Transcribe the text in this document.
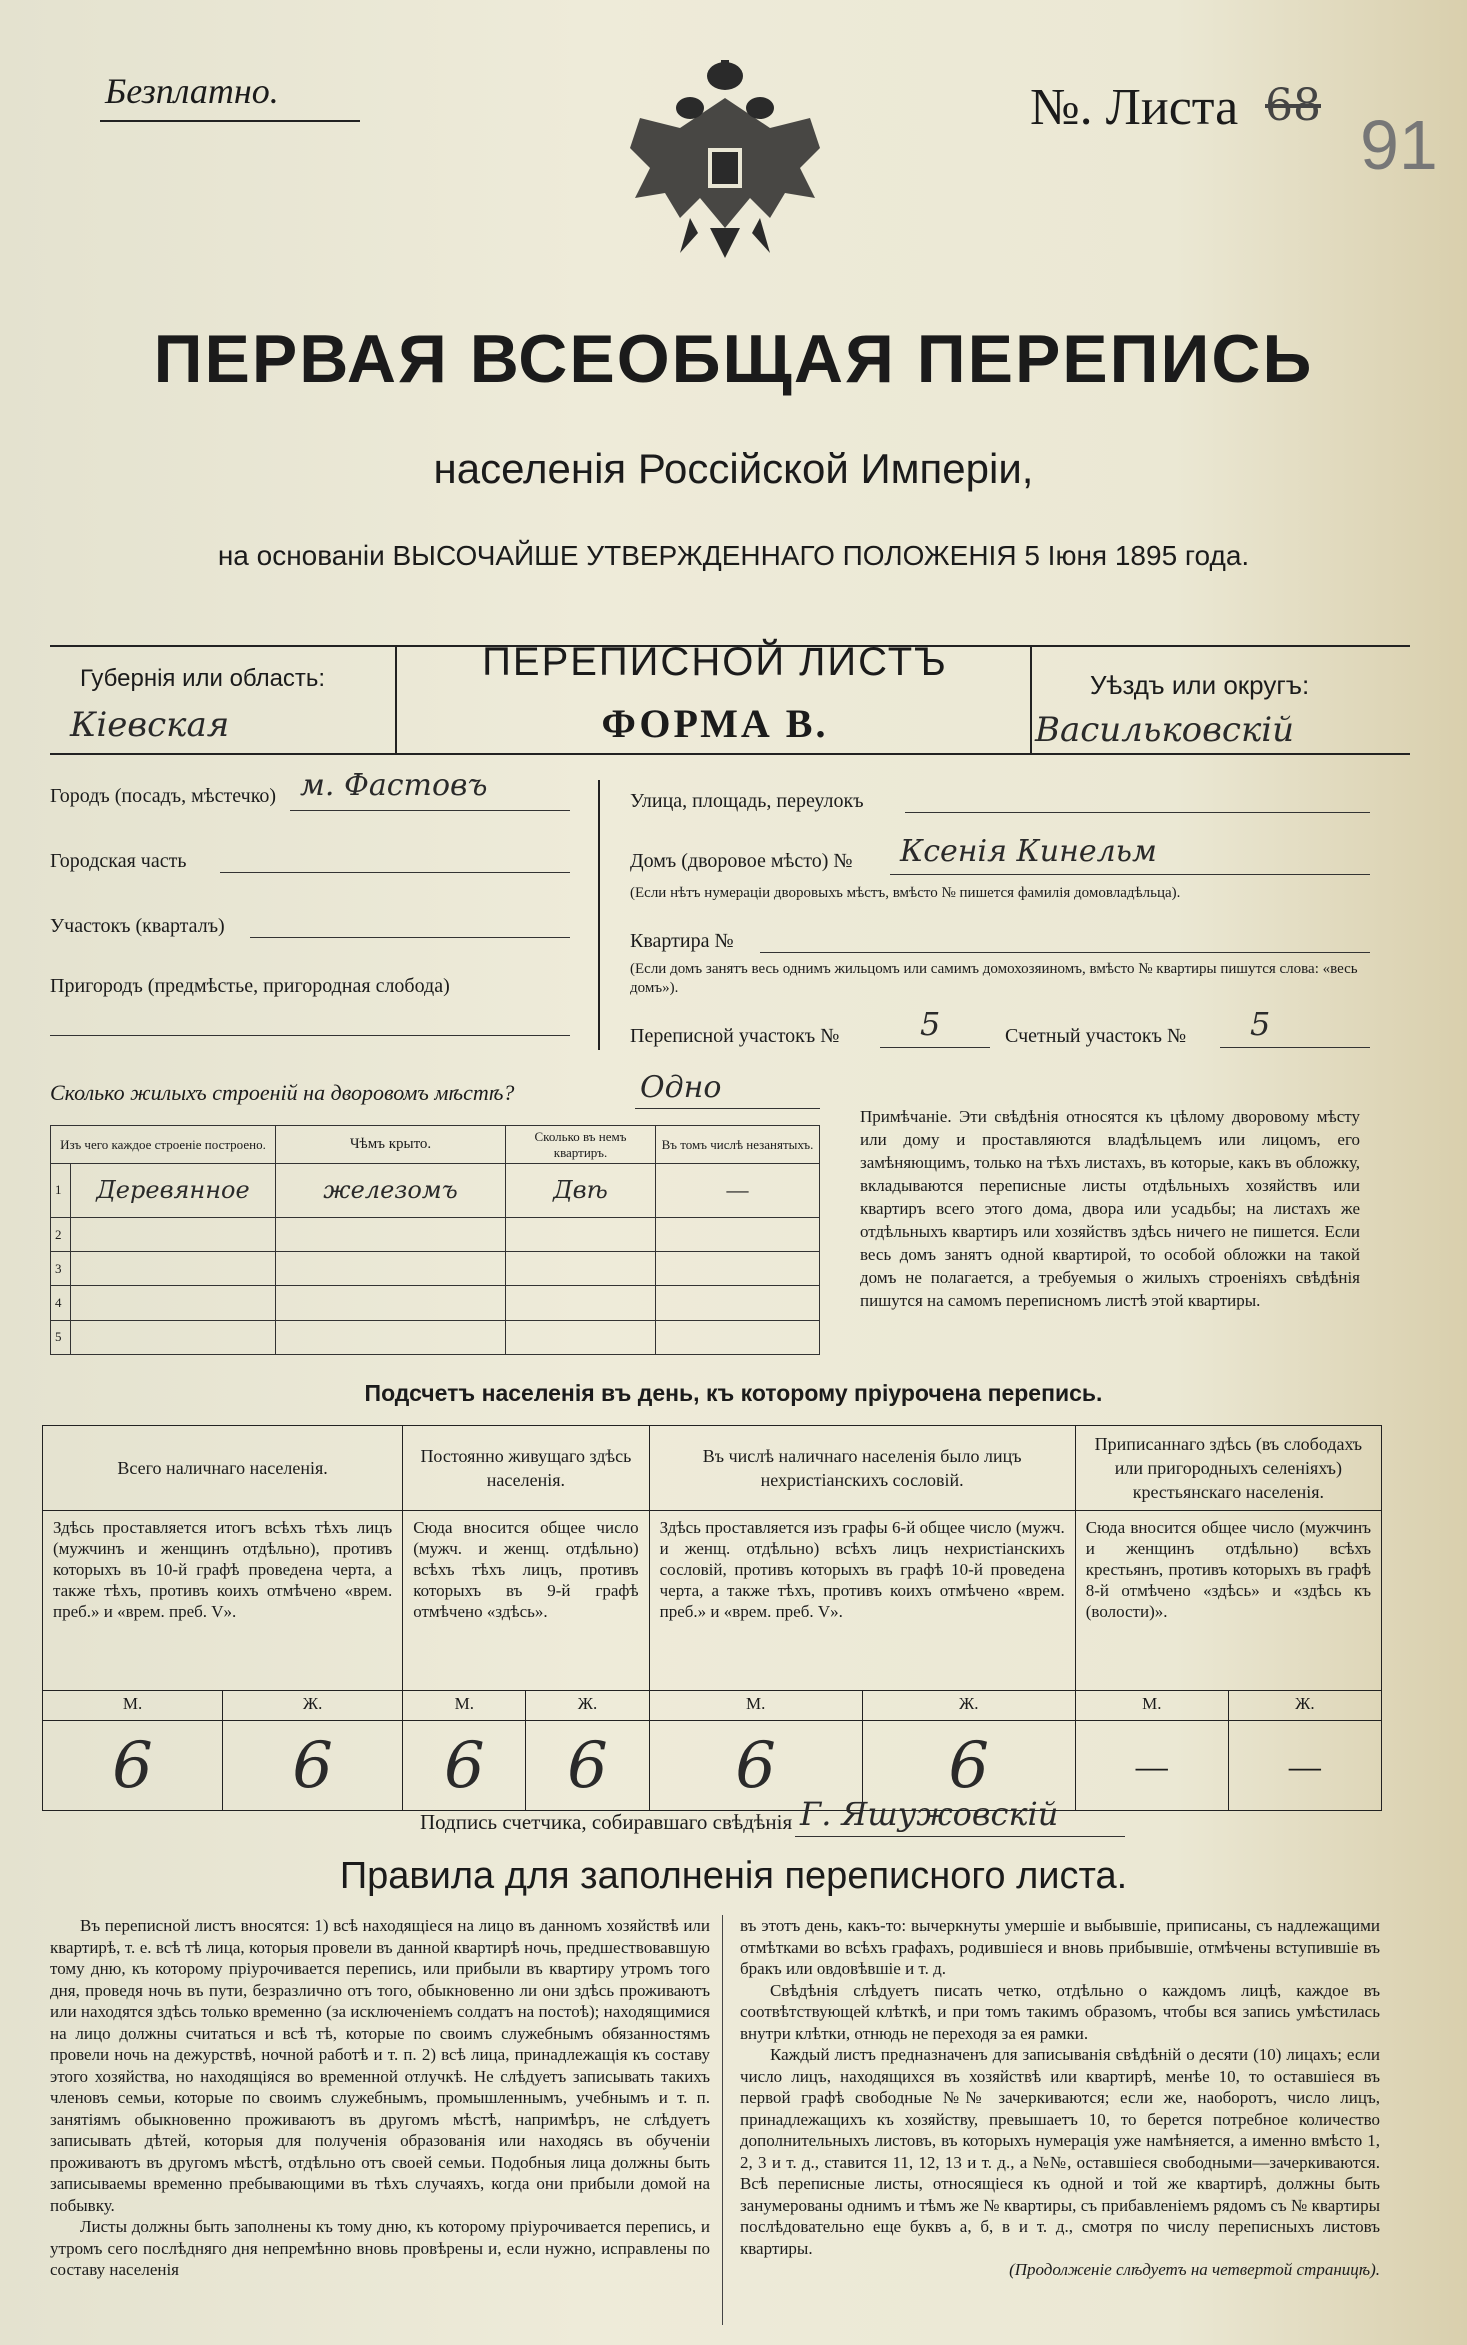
Безплатно.	№. Листа 68
91
ПЕРВАЯ ВСЕОБЩАЯ ПЕРЕПИСЬ
населенія Россійской Имперіи,
на основаніи ВЫСОЧАЙШЕ УТВЕРЖДЕННАГО ПОЛОЖЕНІЯ 5 Іюня 1895 года.
Губернія или область:
Кіевская
ПЕРЕПИСНОЙ ЛИСТЪ
ФОРМА В.
Уѣздъ или округъ:
Васильковскій
Городъ (посадъ, мѣстечко) м. Фастовъ
Городская часть
Участокъ (кварталъ)
Пригородъ (предмѣстье, пригородная слобода)
Улица, площадь, переулокъ
Домъ (дворовое мѣсто) № Ксенія Кинельм
(Если нѣтъ нумераціи дворовыхъ мѣстъ, вмѣсто № пишется фамилія домовладѣльца).
Квартира №
(Если домъ занятъ весь однимъ жильцомъ или самимъ домохозяиномъ, вмѣсто № квартиры пишутся слова: «весь домъ»).
Переписной участокъ №	5	Счетный участокъ № 5
Сколько жилыхъ строеній на дворовомъ мѣстѣ?	Одно
Изъ чего каждое строеніе построено.		Чѣмъ крыто.	Сколько въ немъ квартиръ.	Въ томъ числѣ незанятыхъ.
1	Деревянное	железомъ	Двѣ	—
2				
3				
4				
5				
Примѣчаніе. Эти свѣдѣнія относятся къ цѣлому дворовому мѣсту или дому и проставляются владѣльцемъ или лицомъ, его замѣняющимъ, только на тѣхъ листахъ, въ которые, какъ въ обложку, вкладываются переписные листы отдѣльныхъ хозяйствъ или квартиръ всего этого дома, двора или усадьбы; на листахъ же отдѣльныхъ квартиръ или хозяйствъ здѣсь ничего не пишется. Если весь домъ занятъ одной квартирой, то особой обложки на такой домъ не полагается, а требуемыя о жилыхъ строеніяхъ свѣдѣнія пишутся на самомъ переписномъ листѣ этой квартиры.
Подсчетъ населенія въ день, къ которому пріурочена перепись.
Всего наличнаго населенія.		Постоянно живущаго здѣсь населенія.		Въ числѣ наличнаго населенія было лицъ нехристіанскихъ сословій.		Приписаннаго здѣсь (въ слободахъ или пригородныхъ селеніяхъ) крестьянскаго населенія.	
Здѣсь проставляется итогъ всѣхъ тѣхъ лицъ (мужчинъ и женщинъ отдѣльно), противъ которыхъ въ 10-й графѣ проведена черта, а также тѣхъ, противъ коихъ отмѣчено «врем. преб.» и «врем. преб. V».		Сюда вносится общее число (мужч. и женщ. отдѣльно) всѣхъ тѣхъ лицъ, противъ которыхъ въ 9-й графѣ отмѣчено «здѣсь».		Здѣсь проставляется изъ графы 6-й общее число (мужч. и женщ. отдѣльно) всѣхъ лицъ нехристіанскихъ сословій, противъ которыхъ въ графѣ 10-й проведена черта, а также тѣхъ, противъ коихъ отмѣчено «врем. преб.» и «врем. преб. V».		Сюда вносится общее число (мужчинъ и женщинъ отдѣльно) всѣхъ крестьянъ, противъ которыхъ въ графѣ 8-й отмѣчено «здѣсь» и «здѣсь къ (волости)».	
М.	Ж.	М.	Ж.	М.	Ж.	М.	Ж.
6	6	6	6	6	6	—	—
Подпись счетчика, собиравшаго свѣдѣнія Г. Яшужовскій
Правила для заполненія переписного листа.

Въ переписной листъ вносятся: 1) всѣ находящіеся на лицо въ данномъ хозяйствѣ или квартирѣ, т. е. всѣ тѣ лица, которыя провели въ данной квартирѣ ночь, предшествовавшую тому дню, къ которому пріурочивается перепись, или прибыли въ квартиру утромъ того дня, проведя ночь въ пути, безразлично отъ того, обыкновенно ли они здѣсь проживаютъ или находятся здѣсь только временно (за исключеніемъ солдатъ на постоѣ); находящимися на лицо должны считаться и всѣ тѣ, которые по своимъ служебнымъ обязанностямъ провели ночь на дежурствѣ, ночной работѣ и т. п. 2) всѣ лица, принадлежащія къ составу этого хозяйства, но находящіяся во временной отлучкѣ. Не слѣдуетъ записывать такихъ членовъ семьи, которые по своимъ служебнымъ, промышленнымъ, учебнымъ и т. п. занятіямъ обыкновенно проживаютъ въ другомъ мѣстѣ, напримѣръ, не слѣдуетъ записывать дѣтей, которыя для полученія образованія или находясь въ обученіи проживаютъ въ другомъ мѣстѣ, отдѣльно отъ своей семьи. Подобныя лица должны быть записываемы временно пребывающими въ тѣхъ случаяхъ, когда они прибыли домой на побывку.

Листы должны быть заполнены къ тому дню, къ которому пріурочивается перепись, и утромъ сего послѣдняго дня непремѣнно вновь провѣрены и, если нужно, исправлены по составу населенія

въ этотъ день, какъ-то: вычеркнуты умершіе и выбывшіе, приписаны, съ надлежащими отмѣтками во всѣхъ графахъ, родившіеся и вновь прибывшіе, отмѣчены вступившіе въ бракъ или овдовѣвшіе и т. д.

Свѣдѣнія слѣдуетъ писать четко, отдѣльно о каждомъ лицѣ, каждое въ соотвѣтствующей клѣткѣ, и при томъ такимъ образомъ, чтобы вся запись умѣстилась внутри клѣтки, отнюдь не переходя за ея рамки.

Каждый листъ предназначенъ для записыванія свѣдѣній о десяти (10) лицахъ; если число лицъ, находящихся въ хозяйствѣ или квартирѣ, менѣе 10, то оставшіеся въ первой графѣ свободные №№ зачеркиваются; если же, наоборотъ, число лицъ, принадлежащихъ къ хозяйству, превышаетъ 10, то берется потребное количество дополнительныхъ листовъ, въ которыхъ нумерація уже намѣняется, а именно вмѣсто 1, 2, 3 и т. д., ставится 11, 12, 13 и т. д., а №№, оставшіеся свободными—зачеркиваются. Всѣ переписные листы, относящіеся къ одной и той же квартирѣ, должны быть занумерованы однимъ и тѣмъ же № квартиры, съ прибавленіемъ рядомъ съ № квартиры послѣдовательно еще буквъ а, б, в и т. д., смотря по числу переписныхъ листовъ квартиры.

(Продолженіе слѣдуетъ на четвертой страницѣ).
